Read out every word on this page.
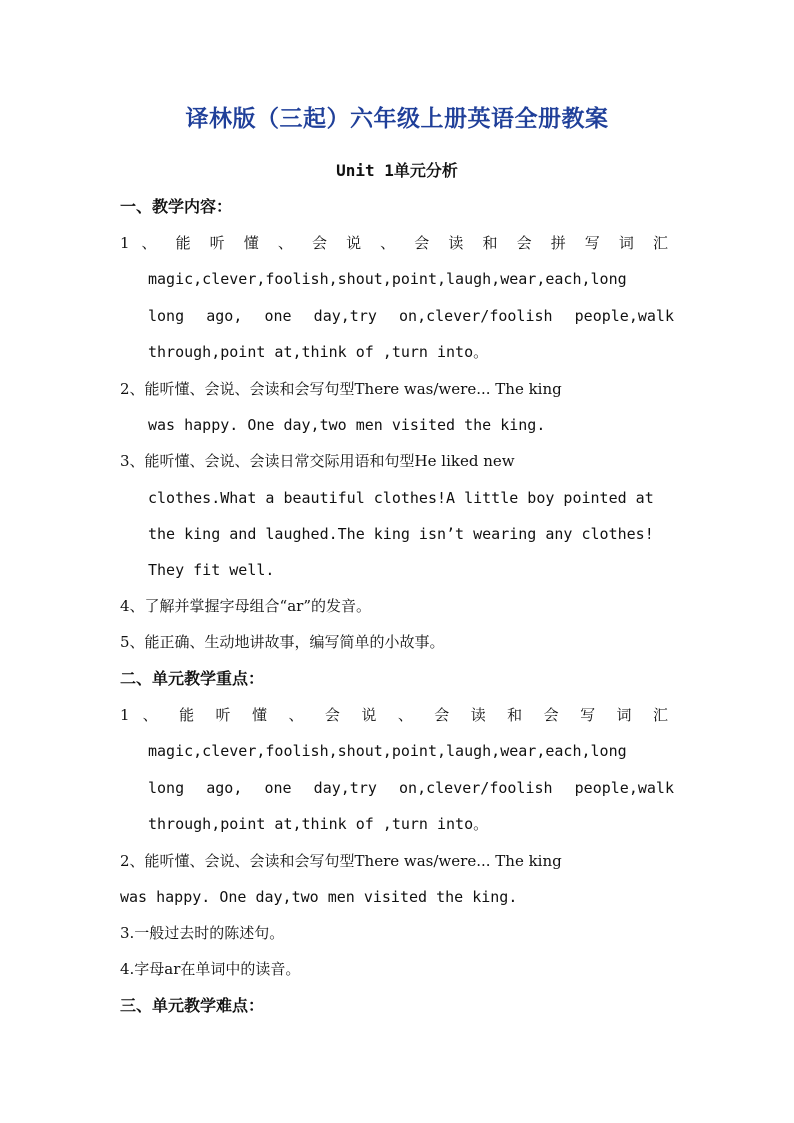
译林版（三起）六年级上册英语全册教案
Unit 1单元分析
一、教学内容：
1 、 能 听 懂 、 会 说 、 会 读 和 会 拼 写 词 汇
magic,clever,foolish,shout,point,laugh,wear,each,long
long ago, one day,try on,clever/foolish people,walk
through,point at,think of ,turn into。
2、能听懂、会说、会读和会写句型There was/were... The king
was happy. One day,two men visited the king.
3、能听懂、会说、会读日常交际用语和句型He liked new
clothes.What a beautiful clothes!A little boy pointed at
the king and laughed.The king isn’t wearing any clothes!
They fit well.
4、了解并掌握字母组合“ar”的发音。
5、能正确、生动地讲故事，编写简单的小故事。
二、单元教学重点：
1 、 能 听 懂 、 会 说 、 会 读 和 会 写 词 汇
magic,clever,foolish,shout,point,laugh,wear,each,long
long ago, one day,try on,clever/foolish people,walk
through,point at,think of ,turn into。
2、能听懂、会说、会读和会写句型There was/were... The king
was happy. One day,two men visited the king.
3.一般过去时的陈述句。
4.字母ar在单词中的读音。
三、单元教学难点：
